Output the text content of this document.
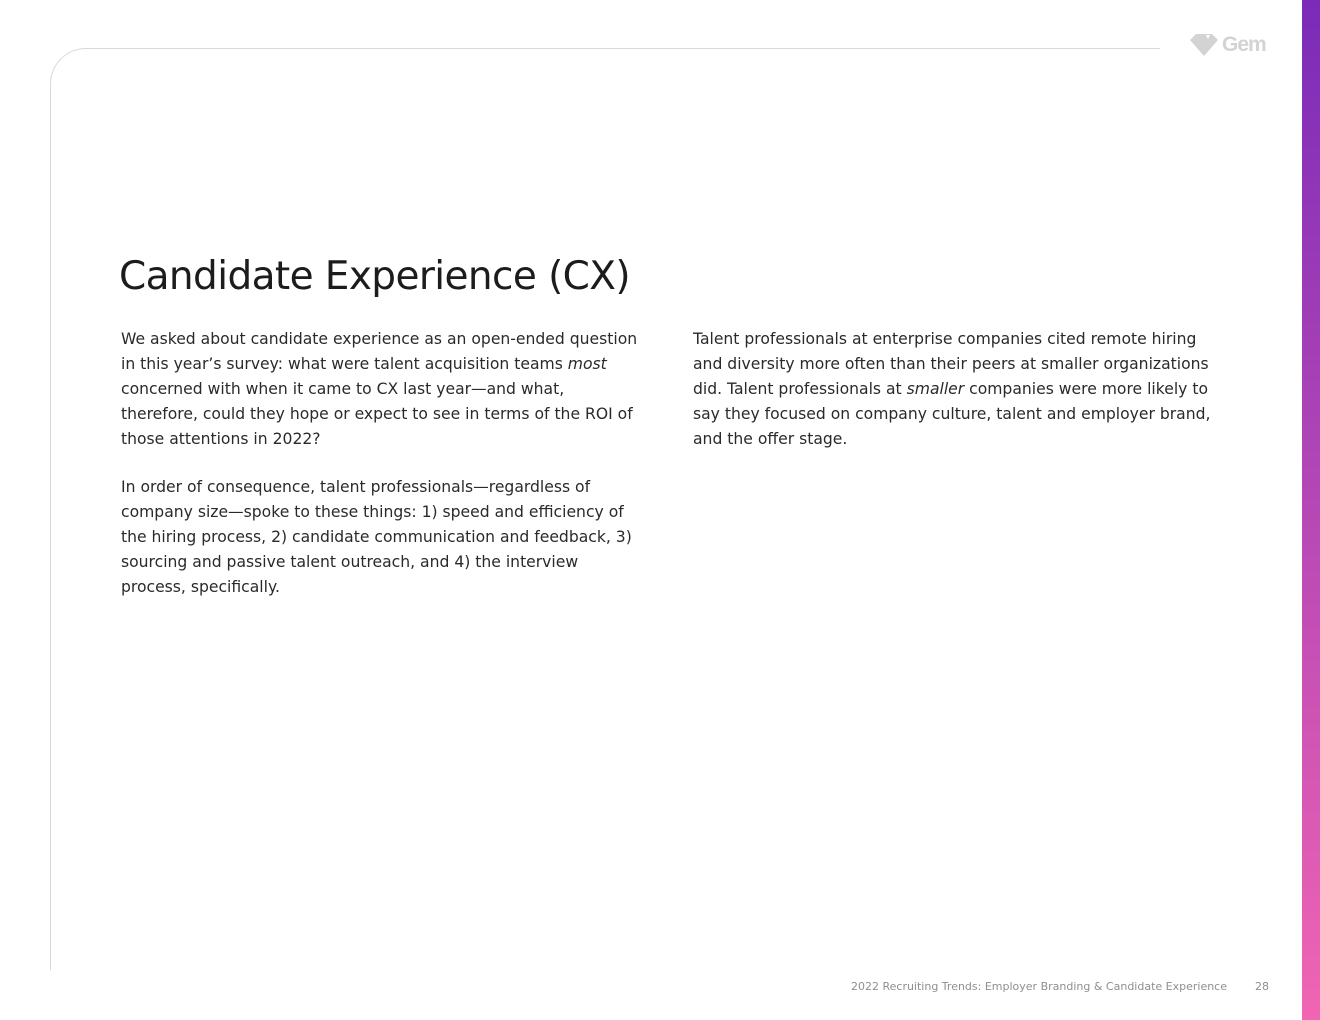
Gem
Candidate Experience (CX)

We asked about candidate experience as an open-ended question in this year’s survey: what were talent acquisition teams most concerned with when it came to CX last year—and what, therefore, could they hope or expect to see in terms of the ROI of those attentions in 2022?

In order of consequence, talent professionals—regardless of company size—spoke to these things: 1) speed and efficiency of the hiring process, 2) candidate communication and feedback, 3) sourcing and passive talent outreach, and 4) the interview process, specifically.

Talent professionals at enterprise companies cited remote hiring and diversity more often than their peers at smaller organizations did. Talent professionals at smaller companies were more likely to say they focused on company culture, talent and employer brand, and the offer stage.

2022 Recruiting Trends: Employer Branding & Candidate Experience	28
